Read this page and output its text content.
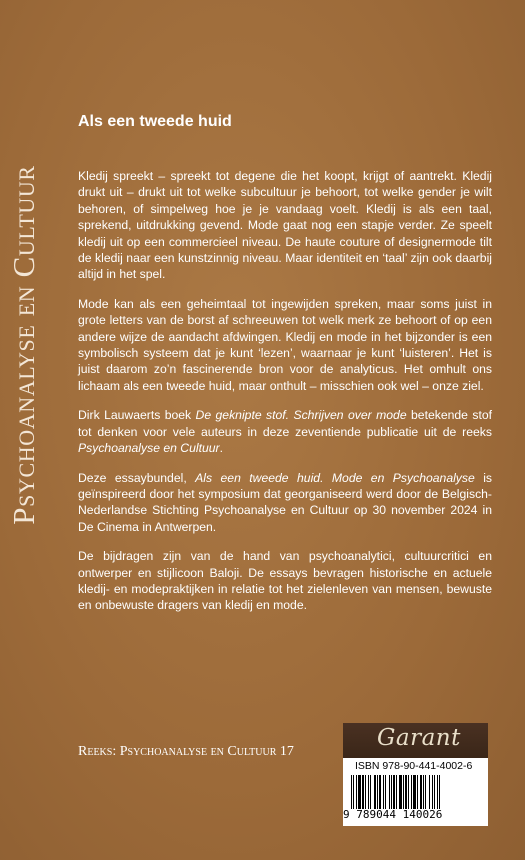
Psychoanalyse en Cultuur
Als een tweede huid

Kledij spreekt – spreekt tot degene die het koopt, krijgt of aantrekt. Kledij drukt uit – drukt uit tot welke subcultuur je behoort, tot welke gender je wilt behoren, of simpelweg hoe je je vandaag voelt. Kledij is als een taal, sprekend, uitdrukking gevend. Mode gaat nog een stapje verder. Ze speelt kledij uit op een commercieel niveau. De haute couture of designermode tilt de kledij naar een kunstzinnig niveau. Maar identiteit en ‘taal’ zijn ook daarbij altijd in het spel.

Mode kan als een geheimtaal tot ingewijden spreken, maar soms juist in grote letters van de borst af schreeuwen tot welk merk ze behoort of op een andere wijze de aandacht afdwingen. Kledij en mode in het bijzonder is een symbolisch systeem dat je kunt ‘lezen’, waarnaar je kunt ‘luisteren’. Het is juist daarom zo’n fascinerende bron voor de analyticus. Het omhult ons lichaam als een tweede huid, maar onthult – misschien ook wel – onze ziel.

Dirk Lauwaerts boek De geknipte stof. Schrijven over mode betekende stof tot denken voor vele auteurs in deze zeventiende publicatie uit de reeks Psychoanalyse en Cultuur.

Deze essaybundel, Als een tweede huid. Mode en Psychoanalyse is geïnspireerd door het symposium dat georganiseerd werd door de Belgisch-Nederlandse Stichting Psychoanalyse en Cultuur op 30 november 2024 in De Cinema in Antwerpen.

De bijdragen zijn van de hand van psychoanalytici, cultuurcritici en ontwerper en stijlicoon Baloji. De essays bevragen historische en actuele kledij- en modepraktijken in relatie tot het zielenleven van mensen, bewuste en onbewuste dragers van kledij en mode.

Reeks: Psychoanalyse en Cultuur 17
Garant
ISBN 978-90-441-4002-6
9 789044 140026
